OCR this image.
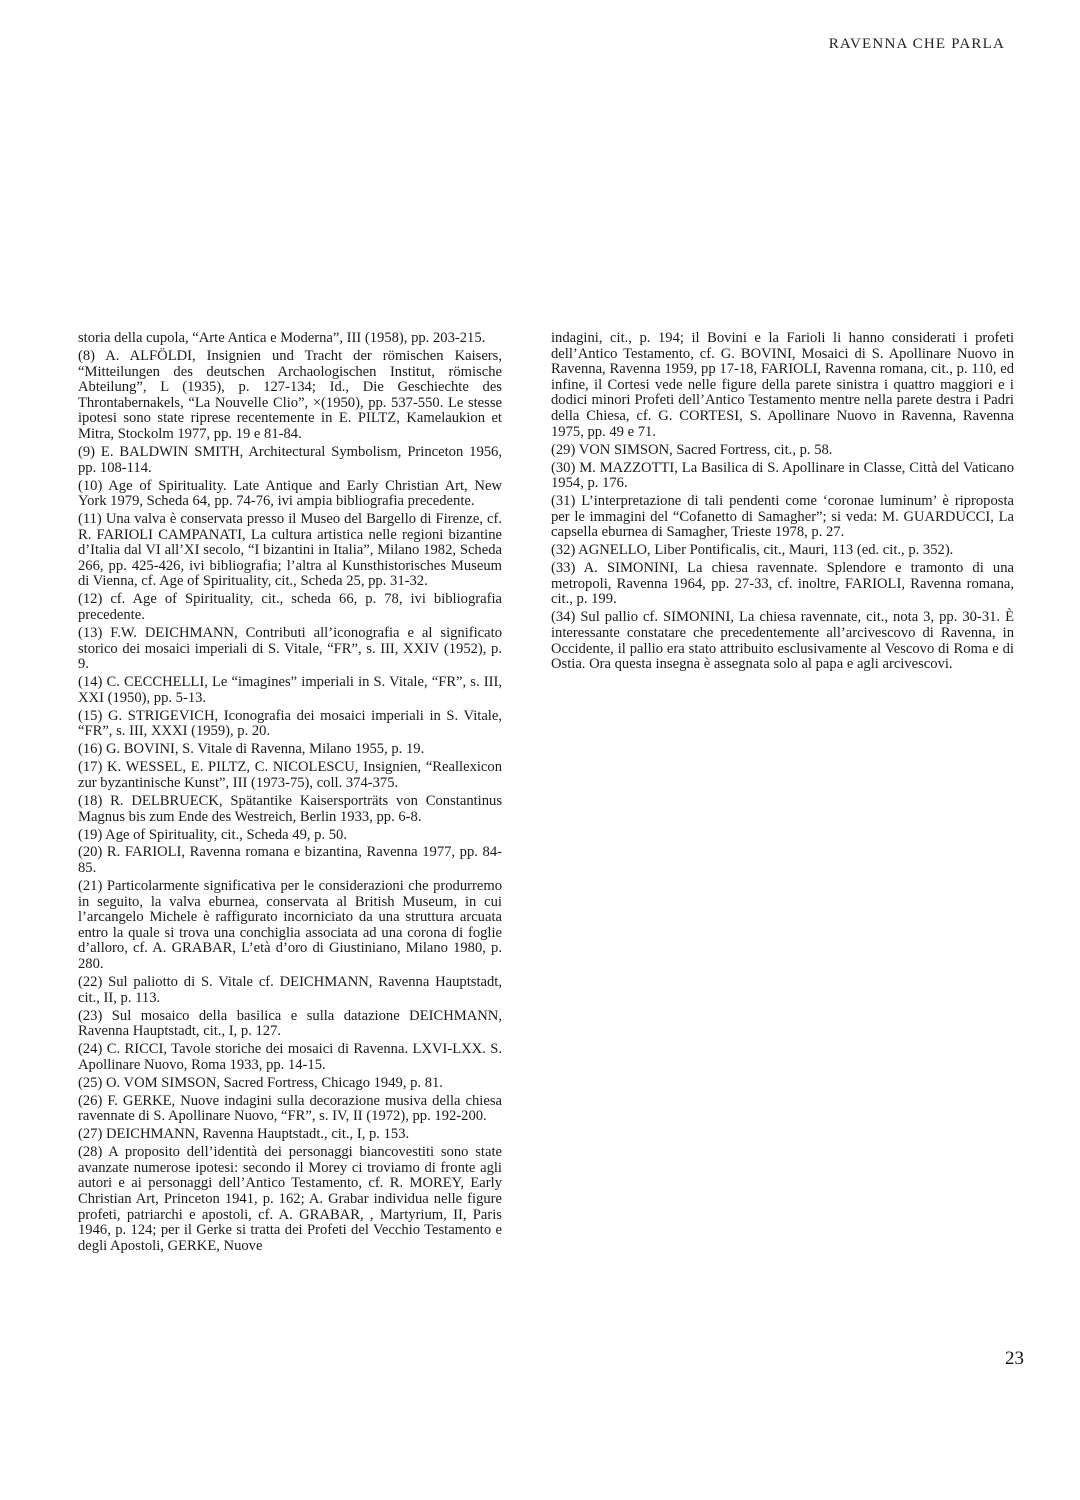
RAVENNA CHE PARLA

storia della cupola, “Arte Antica e Moderna”, III (1958), pp. 203-215.

(8) A. ALFÖLDI, Insignien und Tracht der römischen Kaisers, “Mitteilungen des deutschen Archaologischen Institut, römische Abteilung”, L (1935), p. 127-134; Id., Die Geschiechte des Throntabernakels, “La Nouvelle Clio”, ×(1950), pp. 537-550. Le stesse ipotesi sono state riprese recentemente in E. PILTZ, Kamelaukion et Mitra, Stockolm 1977, pp. 19 e 81-84.

(9) E. BALDWIN SMITH, Architectural Symbolism, Princeton 1956, pp. 108-114.

(10) Age of Spirituality. Late Antique and Early Christian Art, New York 1979, Scheda 64, pp. 74-76, ivi ampia bibliografia precedente.

(11) Una valva è conservata presso il Museo del Bargello di Firenze, cf. R. FARIOLI CAMPANATI, La cultura artistica nelle regioni bizantine d’Italia dal VI all’XI secolo, “I bizantini in Italia”, Milano 1982, Scheda 266, pp. 425-426, ivi bibliografia; l’altra al Kunsthistorisches Museum di Vienna, cf. Age of Spirituality, cit., Scheda 25, pp. 31-32.

(12) cf. Age of Spirituality, cit., scheda 66, p. 78, ivi bibliografia precedente.

(13) F.W. DEICHMANN, Contributi all’iconografia e al significato storico dei mosaici imperiali di S. Vitale, “FR”, s. III, XXIV (1952), p. 9.

(14) C. CECCHELLI, Le “imagines” imperiali in S. Vitale, “FR”, s. III, XXI (1950), pp. 5-13.

(15) G. STRIGEVICH, Iconografia dei mosaici imperiali in S. Vitale, “FR”, s. III, XXXI (1959), p. 20.

(16) G. BOVINI, S. Vitale di Ravenna, Milano 1955, p. 19.

(17) K. WESSEL, E. PILTZ, C. NICOLESCU, Insignien, “Reallexicon zur byzantinische Kunst”, III (1973-75), coll. 374-375.

(18) R. DELBRUECK, Spätantike Kaisersporträts von Constantinus Magnus bis zum Ende des Westreich, Berlin 1933, pp. 6-8.

(19) Age of Spirituality, cit., Scheda 49, p. 50.

(20) R. FARIOLI, Ravenna romana e bizantina, Ravenna 1977, pp. 84-85.

(21) Particolarmente significativa per le considerazioni che produrremo in seguito, la valva eburnea, conservata al British Museum, in cui l’arcangelo Michele è raffigurato incorniciato da una struttura arcuata entro la quale si trova una conchiglia associata ad una corona di foglie d’alloro, cf. A. GRABAR, L’età d’oro di Giustiniano, Milano 1980, p. 280.

(22) Sul paliotto di S. Vitale cf. DEICHMANN, Ravenna Hauptstadt, cit., II, p. 113.

(23) Sul mosaico della basilica e sulla datazione DEICHMANN, Ravenna Hauptstadt, cit., I, p. 127.

(24) C. RICCI, Tavole storiche dei mosaici di Ravenna. LXVI-LXX. S. Apollinare Nuovo, Roma 1933, pp. 14-15.

(25) O. VOM SIMSON, Sacred Fortress, Chicago 1949, p. 81.

(26) F. GERKE, Nuove indagini sulla decorazione musiva della chiesa ravennate di S. Apollinare Nuovo, “FR”, s. IV, II (1972), pp. 192-200.

(27) DEICHMANN, Ravenna Hauptstadt., cit., I, p. 153.

(28) A proposito dell’identità dei personaggi biancovestiti sono state avanzate numerose ipotesi: secondo il Morey ci troviamo di fronte agli autori e ai personaggi dell’Antico Testamento, cf. R. MOREY, Early Christian Art, Princeton 1941, p. 162; A. Grabar individua nelle figure profeti, patriarchi e apostoli, cf. A. GRABAR, , Martyrium, II, Paris 1946, p. 124; per il Gerke si tratta dei Profeti del Vecchio Testamento e degli Apostoli, GERKE, Nuove

indagini, cit., p. 194; il Bovini e la Farioli li hanno considerati i profeti dell’Antico Testamento, cf. G. BOVINI, Mosaici di S. Apollinare Nuovo in Ravenna, Ravenna 1959, pp 17-18, FARIOLI, Ravenna romana, cit., p. 110, ed infine, il Cortesi vede nelle figure della parete sinistra i quattro maggiori e i dodici minori Profeti dell’Antico Testamento mentre nella parete destra i Padri della Chiesa, cf. G. CORTESI, S. Apollinare Nuovo in Ravenna, Ravenna 1975, pp. 49 e 71.

(29) VON SIMSON, Sacred Fortress, cit., p. 58.

(30) M. MAZZOTTI, La Basilica di S. Apollinare in Classe, Città del Vaticano 1954, p. 176.

(31) L’interpretazione di tali pendenti come ‘coronae luminum’ è riproposta per le immagini del “Cofanetto di Samagher”; si veda: M. GUARDUCCI, La capsella eburnea di Samagher, Trieste 1978, p. 27.

(32) AGNELLO, Liber Pontificalis, cit., Mauri, 113 (ed. cit., p. 352).

(33) A. SIMONINI, La chiesa ravennate. Splendore e tramonto di una metropoli, Ravenna 1964, pp. 27-33, cf. inoltre, FARIOLI, Ravenna romana, cit., p. 199.

(34) Sul pallio cf. SIMONINI, La chiesa ravennate, cit., nota 3, pp. 30-31. È interessante constatare che precedentemente all’arcivescovo di Ravenna, in Occidente, il pallio era stato attribuito esclusivamente al Vescovo di Roma e di Ostia. Ora questa insegna è assegnata solo al papa e agli arcivescovi.

23
